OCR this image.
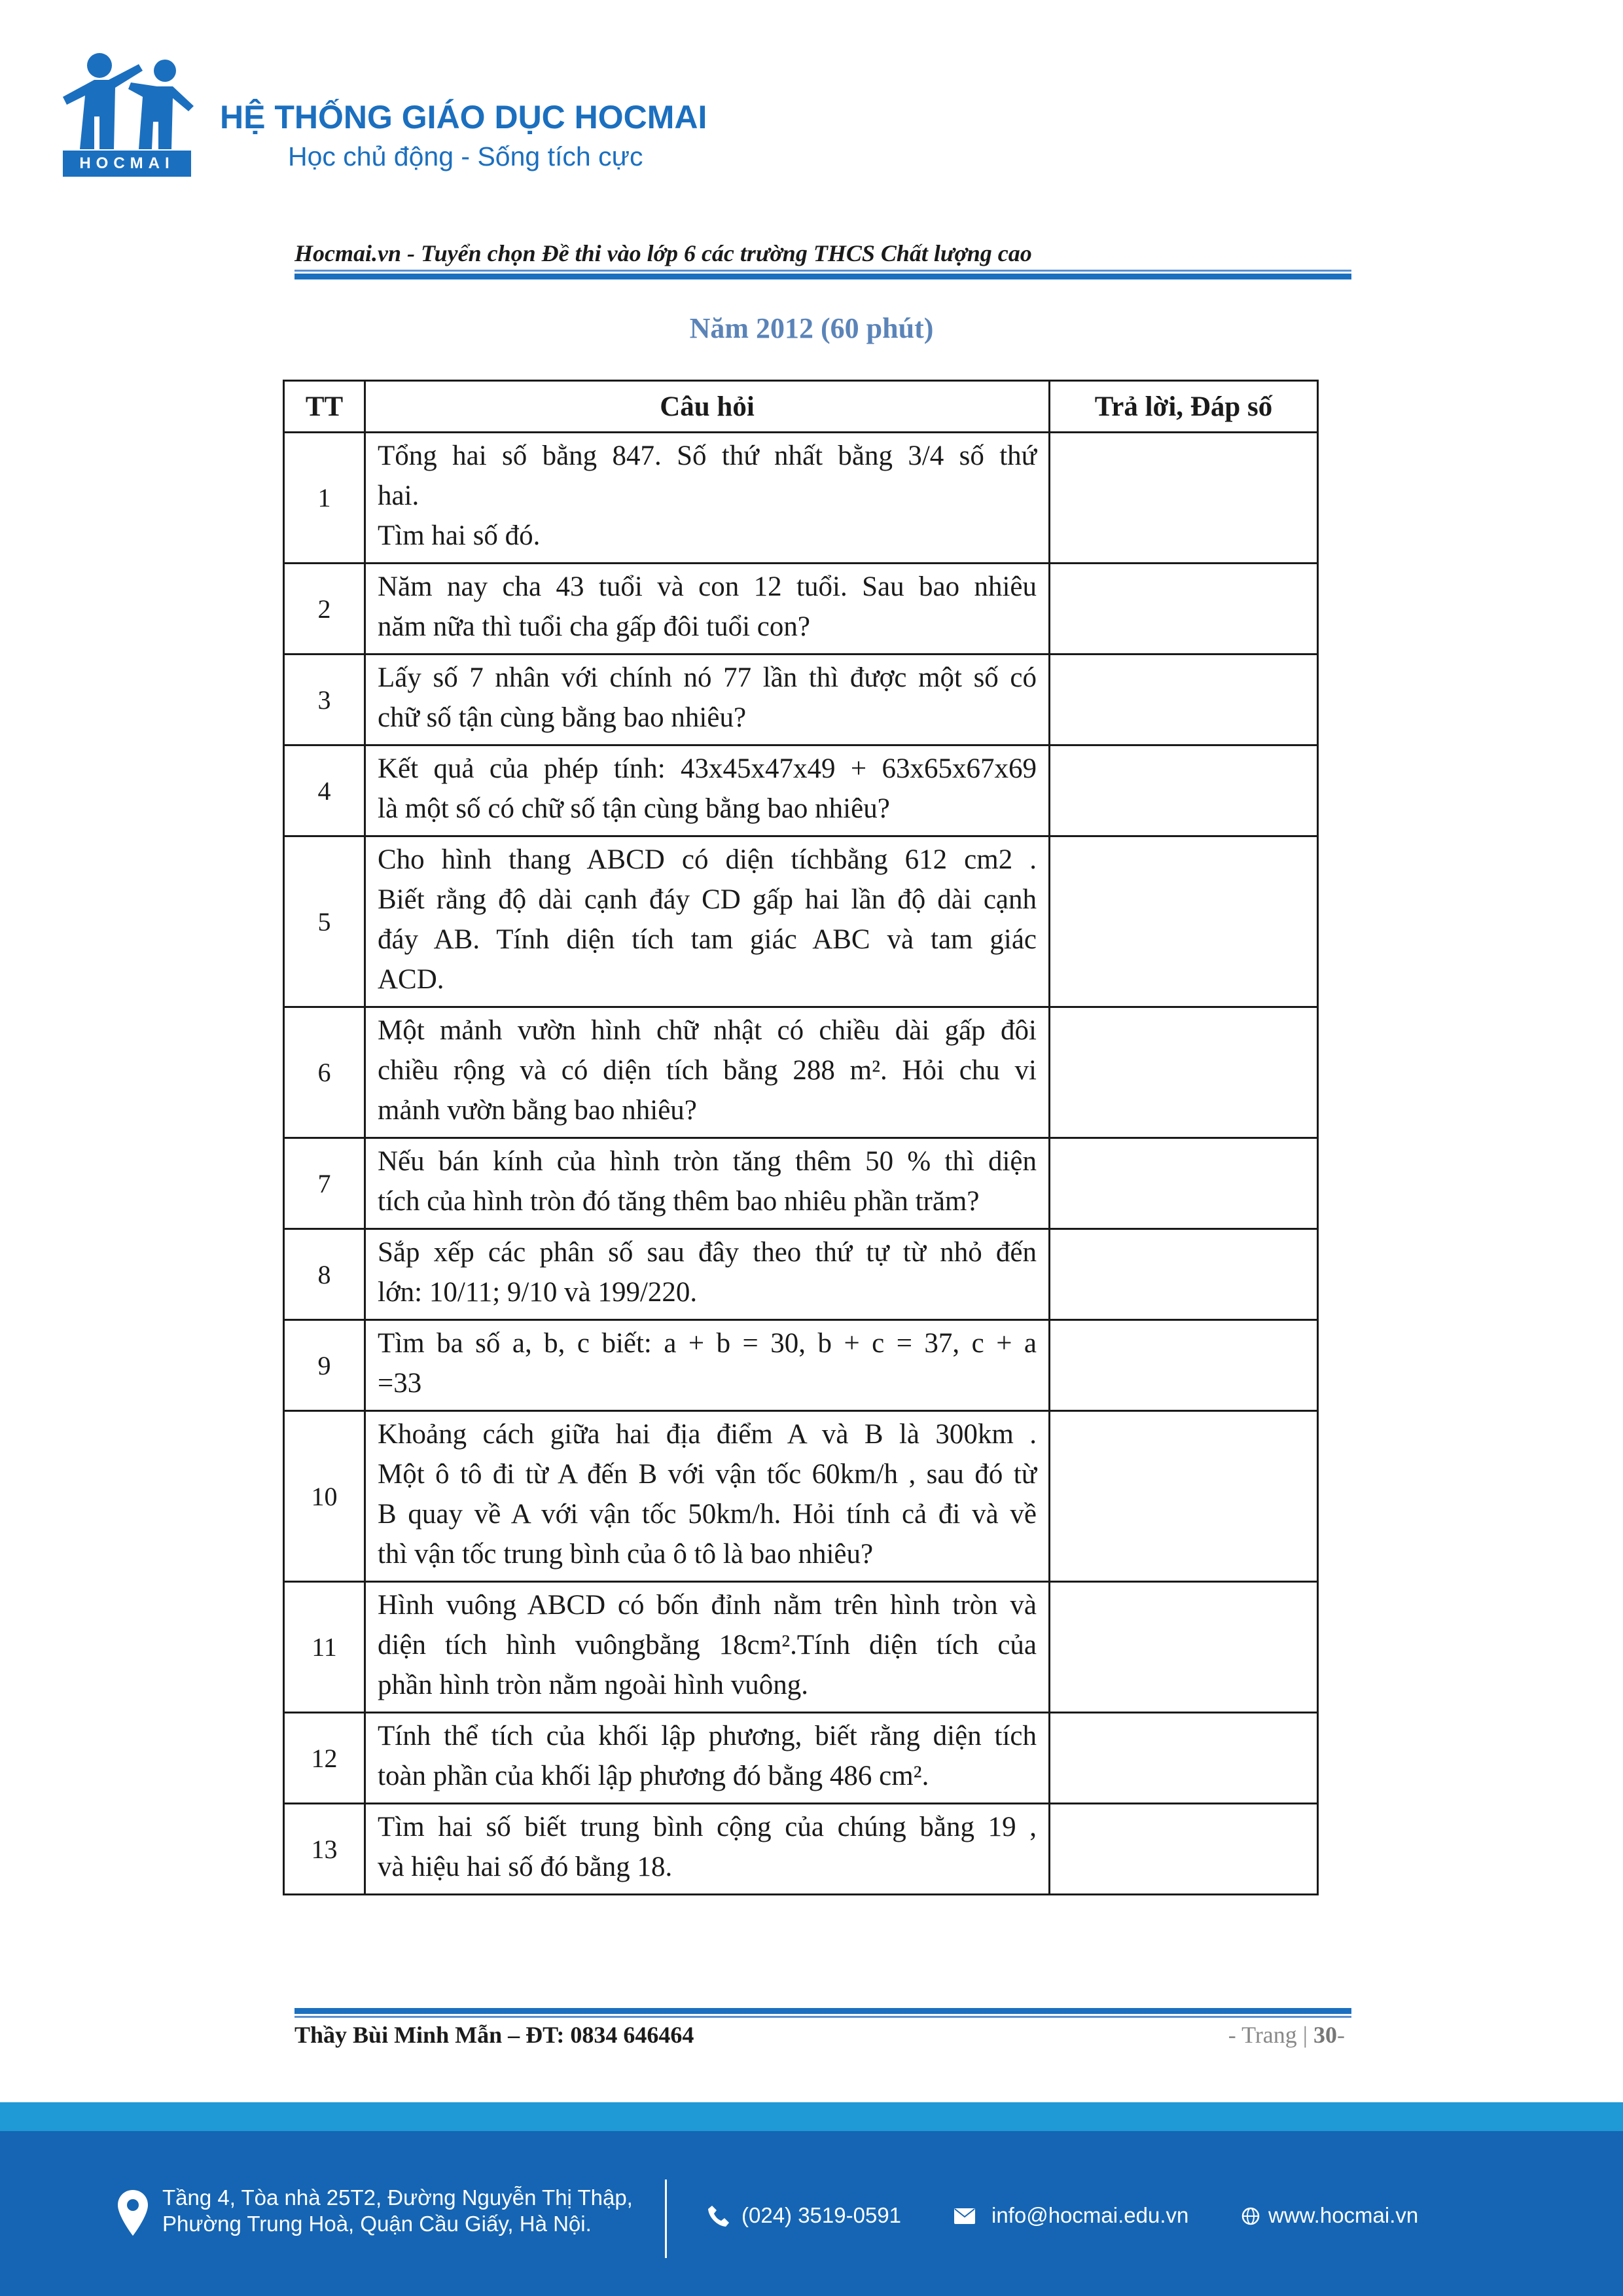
HOCMAI
HỆ THỐNG GIÁO DỤC HOCMAI
Học chủ động - Sống tích cực
Hocmai.vn - Tuyển chọn Đề thi vào lớp 6 các trường THCS Chất lượng cao
Năm 2012 (60 phút)
TT	Câu hỏi	Trả lời, Đáp số
1	Tổng hai số bằng 847. Số thứ nhất bằng 3/4 số thứ
hai.
Tìm hai số đó.	

2	Năm nay cha 43 tuổi và con 12 tuổi. Sau bao nhiêu
năm nữa thì tuổi cha gấp đôi tuổi con?	

3	Lấy số 7 nhân với chính nó 77 lần thì được một số có
chữ số tận cùng bằng bao nhiêu?	

4	Kết quả của phép tính: 43x45x47x49 + 63x65x67x69
là một số có chữ số tận cùng bằng bao nhiêu?	

5	Cho hình thang ABCD có diện tíchbằng 612 cm2 .
Biết rằng độ dài cạnh đáy CD gấp hai lần độ dài cạnh
đáy AB. Tính diện tích tam giác ABC và tam giác
ACD.	

6	Một mảnh vườn hình chữ nhật có chiều dài gấp đôi
chiều rộng và có diện tích bằng 288 m². Hỏi chu vi
mảnh vườn bằng bao nhiêu?	

7	Nếu bán kính của hình tròn tăng thêm 50 % thì diện
tích của hình tròn đó tăng thêm bao nhiêu phần trăm?	

8	Sắp xếp các phân số sau đây theo thứ tự từ nhỏ đến
lớn: 10/11; 9/10 và 199/220.	

9	Tìm ba số a, b, c biết: a + b = 30, b + c = 37, c + a
=33	

10	Khoảng cách giữa hai địa điểm A và B là 300km .
Một ô tô đi từ A đến B với vận tốc 60km/h , sau đó từ
B quay về A với vận tốc 50km/h. Hỏi tính cả đi và về
thì vận tốc trung bình của ô tô là bao nhiêu?	

11	Hình vuông ABCD có bốn đỉnh nằm trên hình tròn và
diện tích hình vuôngbằng 18cm².Tính diện tích của
phần hình tròn nằm ngoài hình vuông.	

12	Tính thể tích của khối lập phương, biết rằng diện tích
toàn phần của khối lập phương đó bằng 486 cm².	

13	Tìm hai số biết trung bình cộng của chúng bằng 19 ,
và hiệu hai số đó bằng 18.	

Thầy Bùi Minh Mẫn – ĐT: 0834 646464	- Trang | 30-
Tầng 4, Tòa nhà 25T2, Đường Nguyễn Thị Thập,
Phường Trung Hoà, Quận Cầu Giấy, Hà Nội.	(024) 3519-0591	info@hocmai.edu.vn	www.hocmai.vn
